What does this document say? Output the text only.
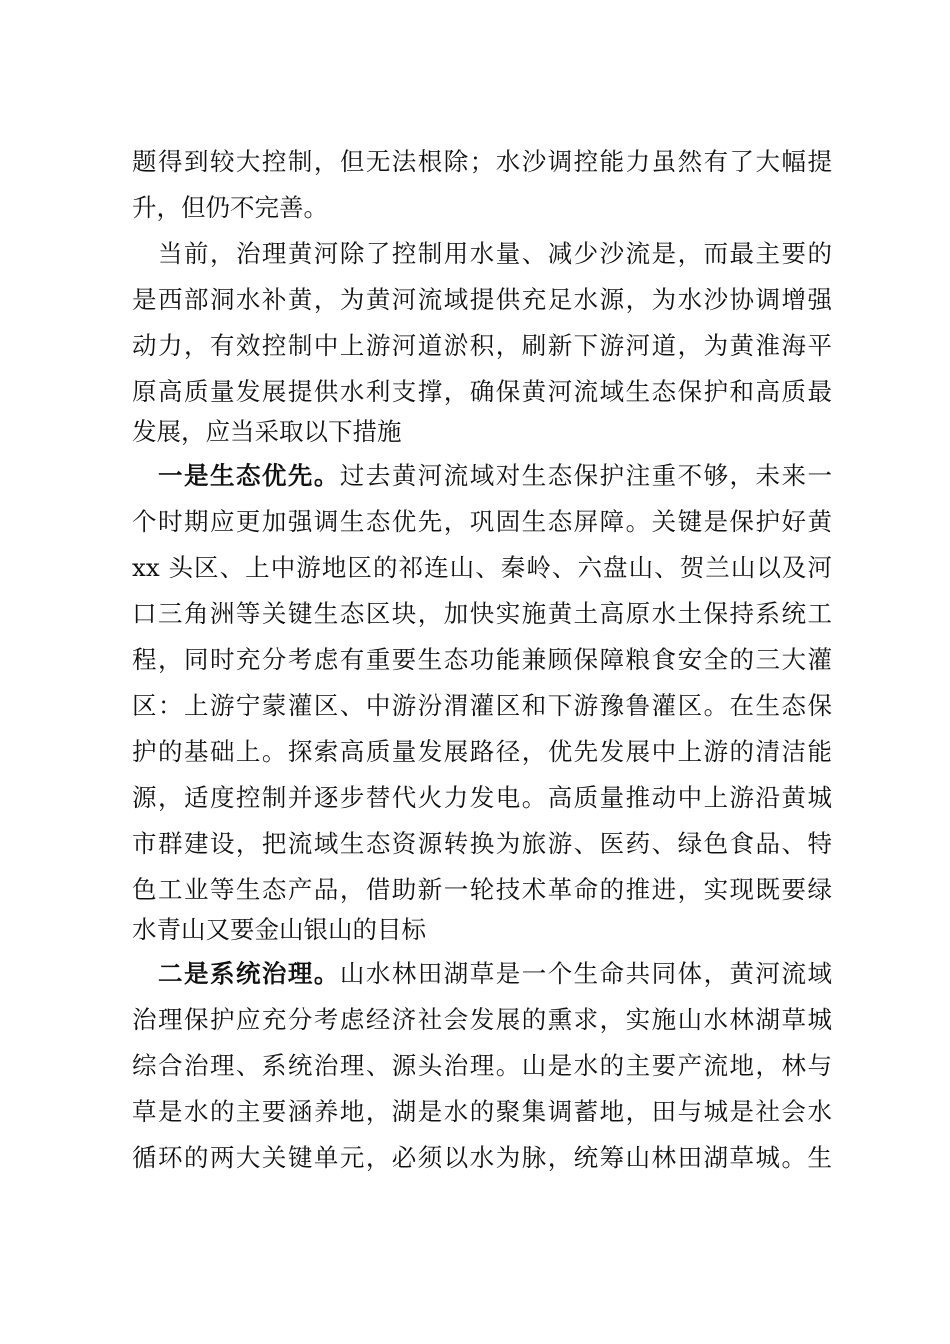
题得到较大控制，但无法根除；水沙调控能力虽然有了大幅提
升，但仍不完善。
当前，治理黄河除了控制用水量、减少沙流是，而最主要的
是西部洞水补黄，为黄河流域提供充足水源，为水沙协调增强
动力，有效控制中上游河道淤积，刷新下游河道，为黄淮海平
原高质量发展提供水利支撑，确保黄河流域生态保护和高质最
发展，应当采取以下措施
一是生态优先。过去黄河流域对生态保护注重不够，未来一
个时期应更加强调生态优先，巩固生态屏障。关键是保护好黄
xx 头区、上中游地区的祁连山、秦岭、六盘山、贺兰山以及河
口三角洲等关键生态区块，加快实施黄土高原水土保持系统工
程，同时充分考虑有重要生态功能兼顾保障粮食安全的三大灌
区：上游宁蒙灌区、中游汾渭灌区和下游豫鲁灌区。在生态保
护的基础上。探索高质量发展路径，优先发展中上游的清洁能
源，适度控制并逐步替代火力发电。高质量推动中上游沿黄城
市群建设，把流域生态资源转换为旅游、医药、绿色食品、特
色工业等生态产品，借助新一轮技术革命的推进，实现既要绿
水青山又要金山银山的目标
二是系统治理。山水林田湖草是一个生命共同体，黄河流域
治理保护应充分考虑经济社会发展的熏求，实施山水林湖草城
综合治理、系统治理、源头治理。山是水的主要产流地，林与
草是水的主要涵养地，湖是水的聚集调蓄地，田与城是社会水
循环的两大关键单元，必须以水为脉，统筹山林田湖草城。生
